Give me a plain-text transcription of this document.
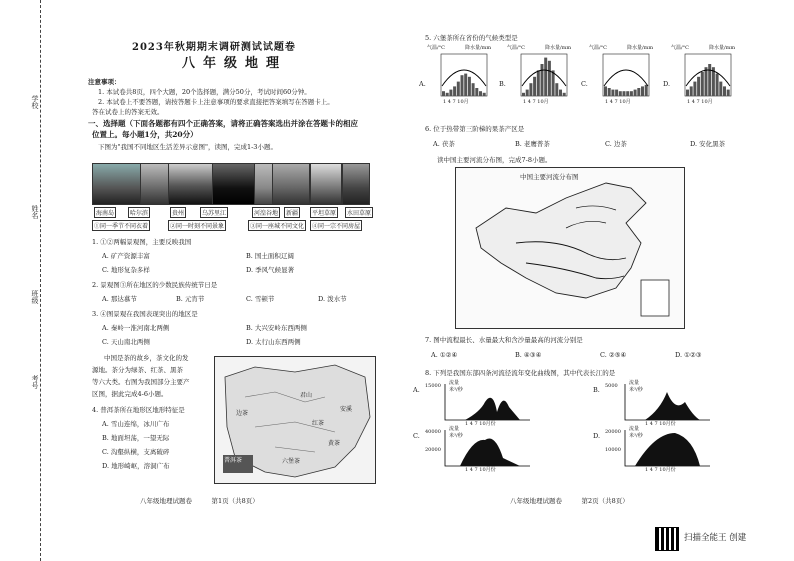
学校
姓名
班级
考号
2023年秋期期末调研测试试题卷
八年级地理
注意事项：
1. 本试卷共8页，四个大题，20个选择题，满分50分，考试时间60分钟。
2. 本试卷上不要答题，请按答题卡上注意事项的要求直接把答案填写在答题卡上。
答在试卷上的答案无效。
一、选择题（下面各题都有四个正确答案，请将正确答案选出并涂在答题卡的相应
位置上。每小题1分，共20分）
下图为"我国不同地区生活差异示意图"，读图，完成1-3小题。
海南岛	哈尔滨	贵州	乌苏里江	河湟谷地	新疆	平坦草原	水田草原
①同一季节不同衣着	②同一时刻不同景象	③同一座城不同文化	④同一宗不同房屋
1. ①②两幅景观图，主要反映我国
A. 矿产资源丰富	B. 国土面积辽阔
C. 地形复杂多样	D. 季风气候显著
2. 景观图③所在地区的少数民族传统节日是
A. 那达慕节	B. 元宵节	C. 雪顿节	D. 泼水节
3. ④图景观在我国表现突出的地区是
A. 秦岭一淮河南北两侧	B. 大兴安岭东西两侧
C. 天山南北两侧	D. 太行山东西两侧
中国是茶的故乡，茶文化的发
源地。茶分为绿茶、红茶、黑茶
等六大类。右图为我国部分主要产
区图，据此完成4-6小题。
4. 普洱茶所在地形区地形特征是
A. 雪山连绵，冰川广布
B. 地面坦荡，一望无际
C. 沟壑纵横，支离破碎
D. 地形崎岖，溶洞广布
边茶
君山
红茶
安溪
黄茶
普洱茶	六堡茶
八年级地理试题卷　　　第1页（共8页）
5. 六堡茶所在省份的气候类型是
A.
气温/°C	降水量/mm
1 4 7 10月
B.
气温/°C	降水量/mm
1 4 7 10月
C.
气温/°C	降水量/mm
1 4 7 10月
D.
气温/°C	降水量/mm
1 4 7 10月
6. 位于热带第三阶梯的果茶产区是
A. 茯茶	B. 老鹰普茶	C. 边茶	D. 安化黑茶
读中国主要河流分布图，完成7-8小题。
中国主要河流分布图
7. 图中流程最长、水量最大和含沙量最高的河流分别是
A. ①②④	B. ④③④	C. ②⑤④	D. ①②③
8. 下列是我国东部四条河流径流年变化曲线图，其中代表长江的是
A. 15000 流量
米³/秒
1 4 7 10月份
B. 5000 流量
米³/秒
1 4 7 10月份
C. 40000
20000
流量
米³/秒
1 4 7 10月份
D. 20000
10000
流量
米³/秒
1 4 7 10月份
八年级地理试题卷　　　第2页（共8页）
扫描全能王 创建
